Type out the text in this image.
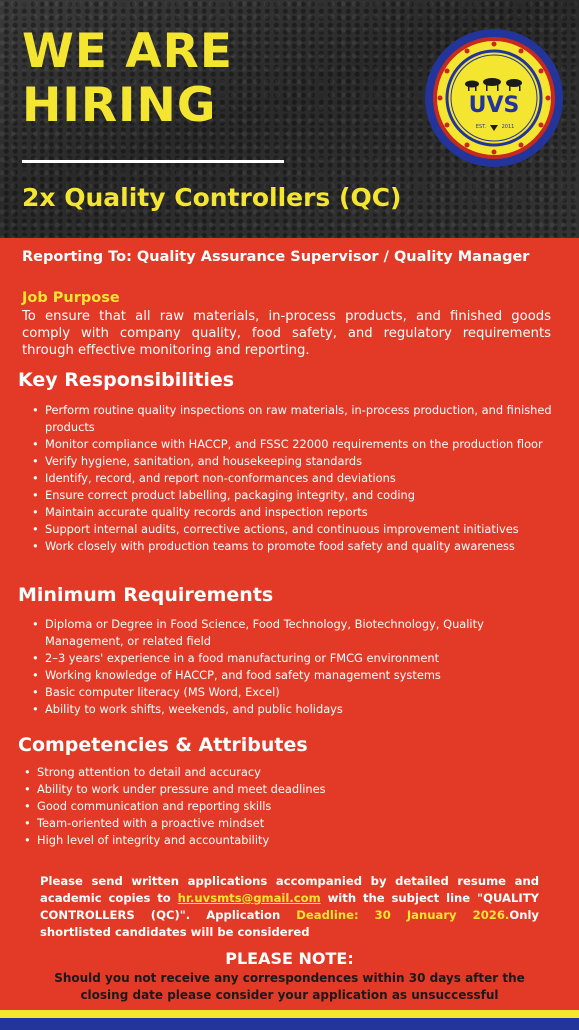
WE ARE
HIRING
2x Quality Controllers (QC)
UVS
EST.	2011
Reporting To: Quality Assurance Supervisor / Quality Manager
Job Purpose
To ensure that all raw materials, in-process products, and finished goods comply with company quality, food safety, and regulatory requirements through effective monitoring and reporting.
Key Responsibilities
• Perform routine quality inspections on raw materials, in-process production, and finished products
• Monitor compliance with HACCP, and FSSC 22000 requirements on the production floor
• Verify hygiene, sanitation, and housekeeping standards
• Identify, record, and report non-conformances and deviations
• Ensure correct product labelling, packaging integrity, and coding
• Maintain accurate quality records and inspection reports
• Support internal audits, corrective actions, and continuous improvement initiatives
• Work closely with production teams to promote food safety and quality awareness
Minimum Requirements
• Diploma or Degree in Food Science, Food Technology, Biotechnology, Quality Management, or related field
• 2–3 years' experience in a food manufacturing or FMCG environment
• Working knowledge of HACCP, and food safety management systems
• Basic computer literacy (MS Word, Excel)
• Ability to work shifts, weekends, and public holidays
Competencies & Attributes
• Strong attention to detail and accuracy
• Ability to work under pressure and meet deadlines
• Good communication and reporting skills
• Team-oriented with a proactive mindset
• High level of integrity and accountability
Please send written applications accompanied by detailed resume and academic copies to hr.uvsmts@gmail.com with the subject line "QUALITY CONTROLLERS (QC)". Application Deadline: 30 January 2026.Only shortlisted candidates will be considered
PLEASE NOTE:
Should you not receive any correspondences within 30 days after the closing date please consider your application as unsuccessful
